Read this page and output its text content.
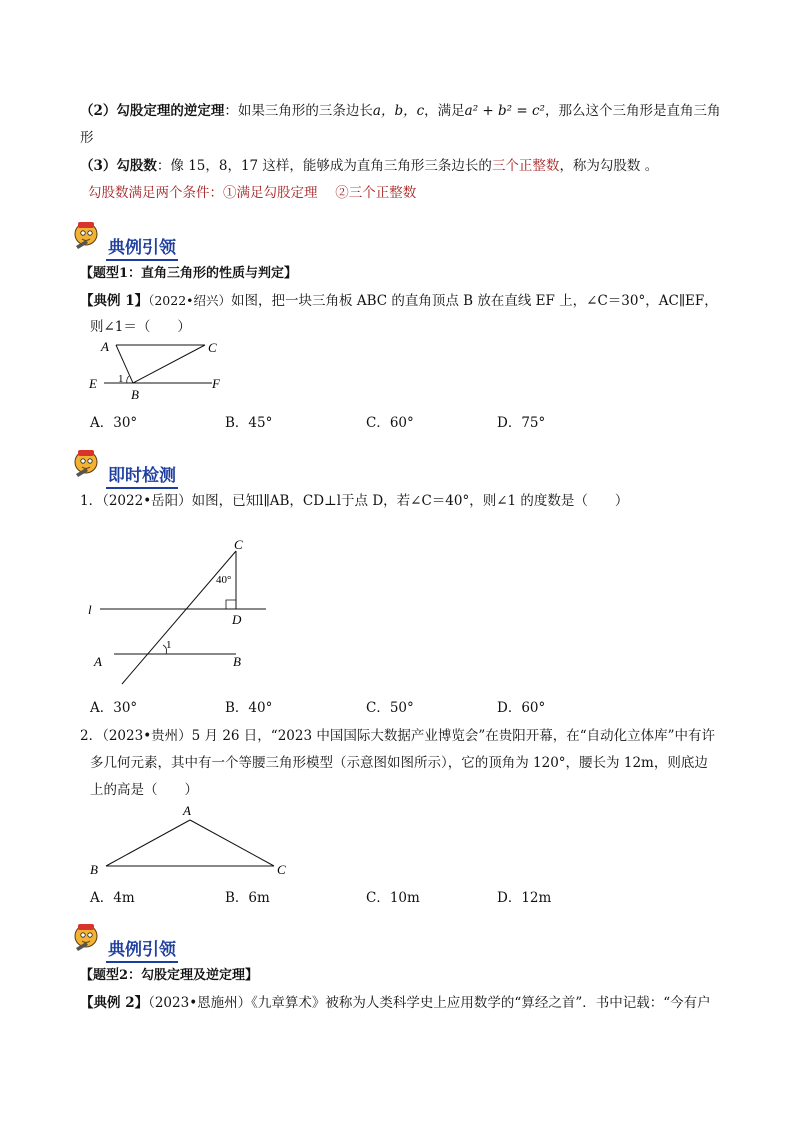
（2）勾股定理的逆定理：如果三角形的三条边长a，b，c，满足a² + b² = c²，那么这个三角形是直角三角
形
（3）勾股数：像 15，8，17 这样，能够成为直角三角形三条边长的三个正整数，称为勾股数 。
勾股数满足两个条件：①满足勾股定理　 ②三个正整数
典例引领
【题型1：直角三角形的性质与判定】
【典例 1】（2022•绍兴）如图，把一块三角板 ABC 的直角顶点 B 放在直线 EF 上，∠C＝30°，AC∥EF，
则∠1＝（　　）
A	C
E	F
B
1
A．30°	B．45°	C．60°	D．75°
即时检测
1．（2022•岳阳）如图，已知l∥AB，CD⊥l于点 D，若∠C＝40°，则∠1 的度数是（　　）
C
40°
l
D
1
A	B
A．30°	B．40°	C．50°	D．60°
2．（2023•贵州）5 月 26 日，“2023 中国国际大数据产业博览会”在贵阳开幕，在“自动化立体库”中有许
多几何元素，其中有一个等腰三角形模型（示意图如图所示），它的顶角为 120°，腰长为 12m，则底边
上的高是（　　）
A
B	C
A．4m	B．6m	C．10m	D．12m
典例引领
【题型2：勾股定理及逆定理】
【典例 2】（2023•恩施州）《九章算术》被称为人类科学史上应用数学的“算经之首”．书中记载：“今有户
